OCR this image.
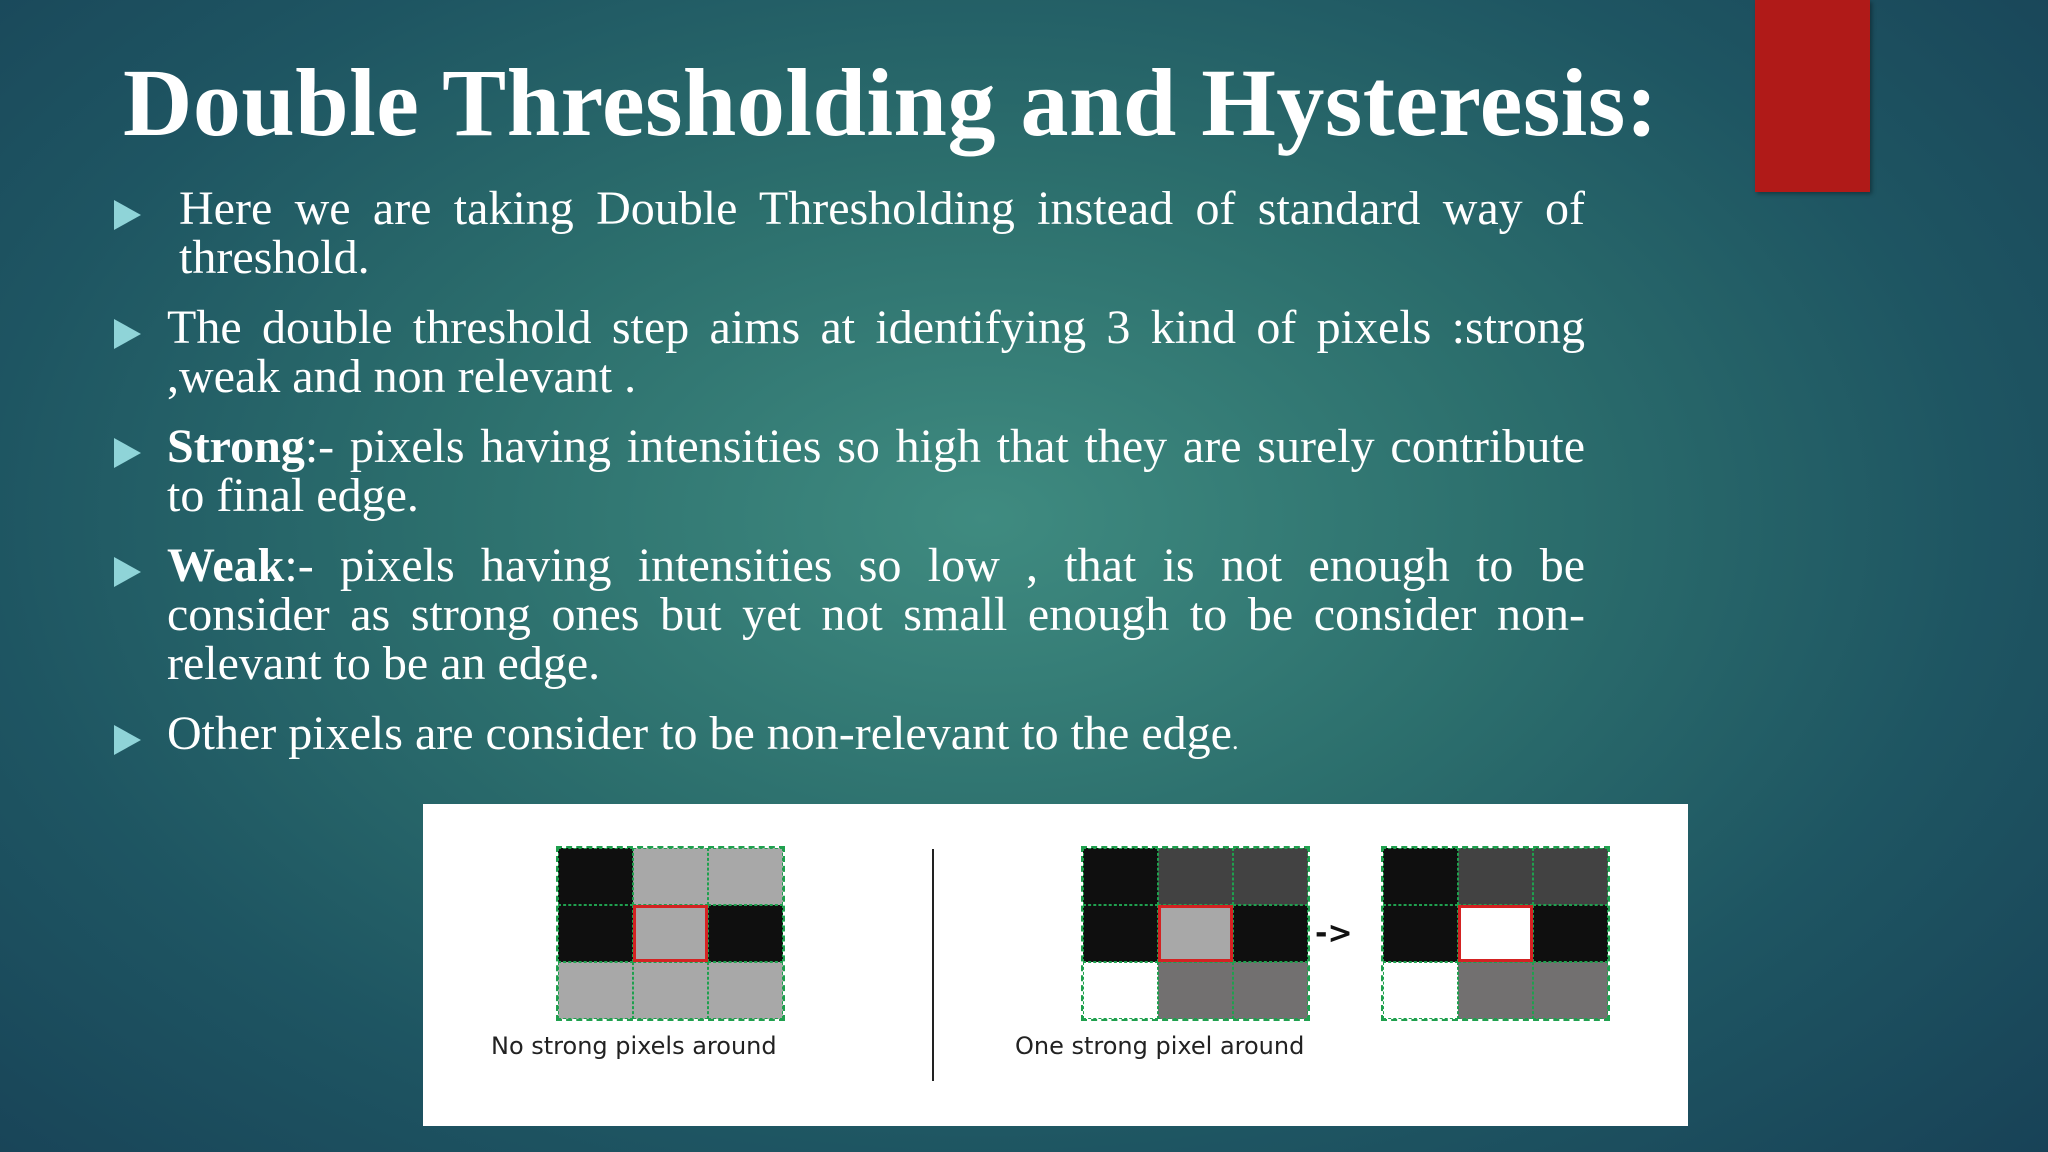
Double Thresholding and Hysteresis:
Here we are taking Double Thresholding instead of standard way of threshold.
The double threshold step aims at identifying 3 kind of pixels :strong ,weak and non relevant .
Strong:- pixels having intensities so high that they are surely contribute to final edge.
Weak:- pixels having intensities so low , that is not enough to be consider as strong ones but yet not small enough to be consider non-relevant to be an edge.
Other pixels are consider to be non-relevant to the edge.
->
No strong pixels around	One strong pixel around
